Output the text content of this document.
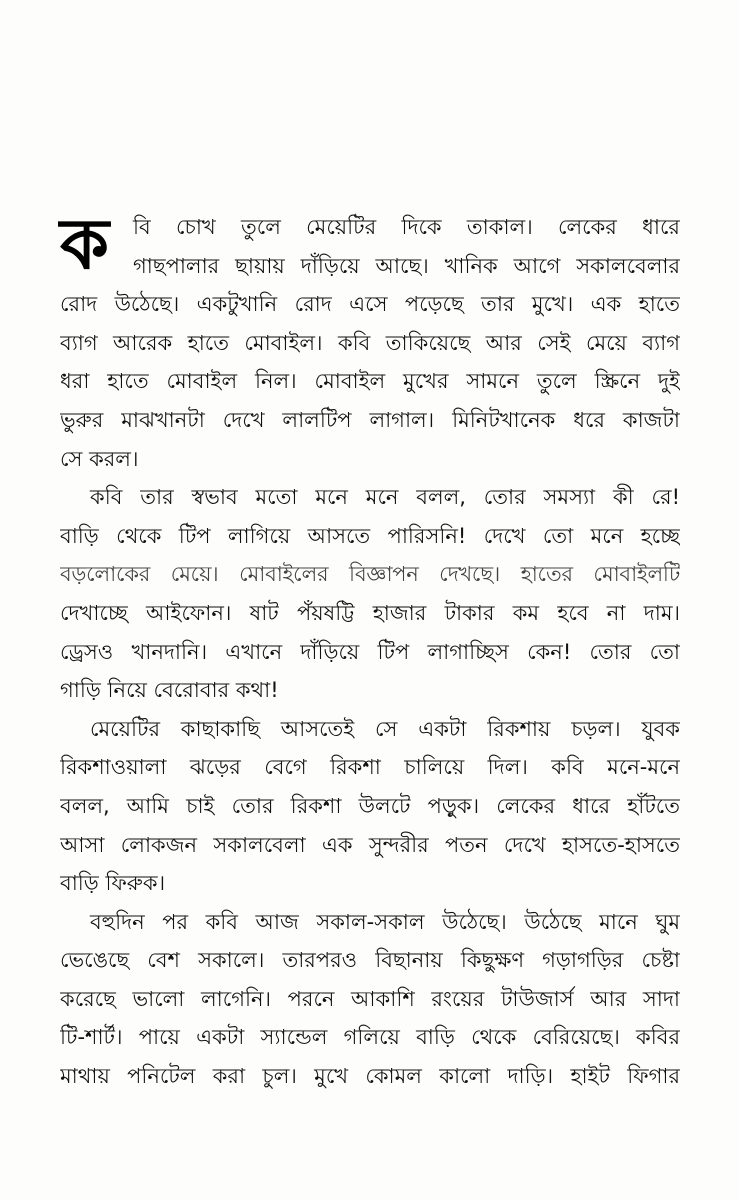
ক	বি চোখ তুলে মেয়েটির দিকে তাকাল। লেকের ধারে
গাছপালার ছায়ায় দাঁড়িয়ে আছে। খানিক আগে সকালবেলার
রোদ উঠেছে। একটুখানি রোদ এসে পড়েছে তার মুখে। এক হাতে
ব্যাগ আরেক হাতে মোবাইল। কবি তাকিয়েছে আর সেই মেয়ে ব্যাগ
ধরা হাতে মোবাইল নিল। মোবাইল মুখের সামনে তুলে স্ক্রিনে দুই
ভুরুর মাঝখানটা দেখে লালটিপ লাগাল। মিনিটখানেক ধরে কাজটা
সে করল।
কবি তার স্বভাব মতো মনে মনে বলল, তোর সমস্যা কী রে!
বাড়ি থেকে টিপ লাগিয়ে আসতে পারিসনি! দেখে তো মনে হচ্ছে
বড়লোকের মেয়ে। মোবাইলের বিজ্ঞাপন দেখছে। হাতের মোবাইলটি
দেখাচ্ছে আইফোন। ষাট পঁয়ষট্টি হাজার টাকার কম হবে না দাম।
ড্রেসও খানদানি। এখানে দাঁড়িয়ে টিপ লাগাচ্ছিস কেন! তোর তো
গাড়ি নিয়ে বেরোবার কথা!
মেয়েটির কাছাকাছি আসতেই সে একটা রিকশায় চড়ল। যুবক
রিকশাওয়ালা ঝড়ের বেগে রিকশা চালিয়ে দিল। কবি মনে-মনে
বলল, আমি চাই তোর রিকশা উলটে পড়ুক। লেকের ধারে হাঁটতে
আসা লোকজন সকালবেলা এক সুন্দরীর পতন দেখে হাসতে-হাসতে
বাড়ি ফিরুক।
বহুদিন পর কবি আজ সকাল-সকাল উঠেছে। উঠেছে মানে ঘুম
ভেঙেছে বেশ সকালে। তারপরও বিছানায় কিছুক্ষণ গড়াগড়ির চেষ্টা
করেছে ভালো লাগেনি। পরনে আকাশি রংয়ের টাউজার্স আর সাদা
টি-শার্ট। পায়ে একটা স্যান্ডেল গলিয়ে বাড়ি থেকে বেরিয়েছে। কবির
মাথায় পনিটেল করা চুল। মুখে কোমল কালো দাড়ি। হাইট ফিগার
